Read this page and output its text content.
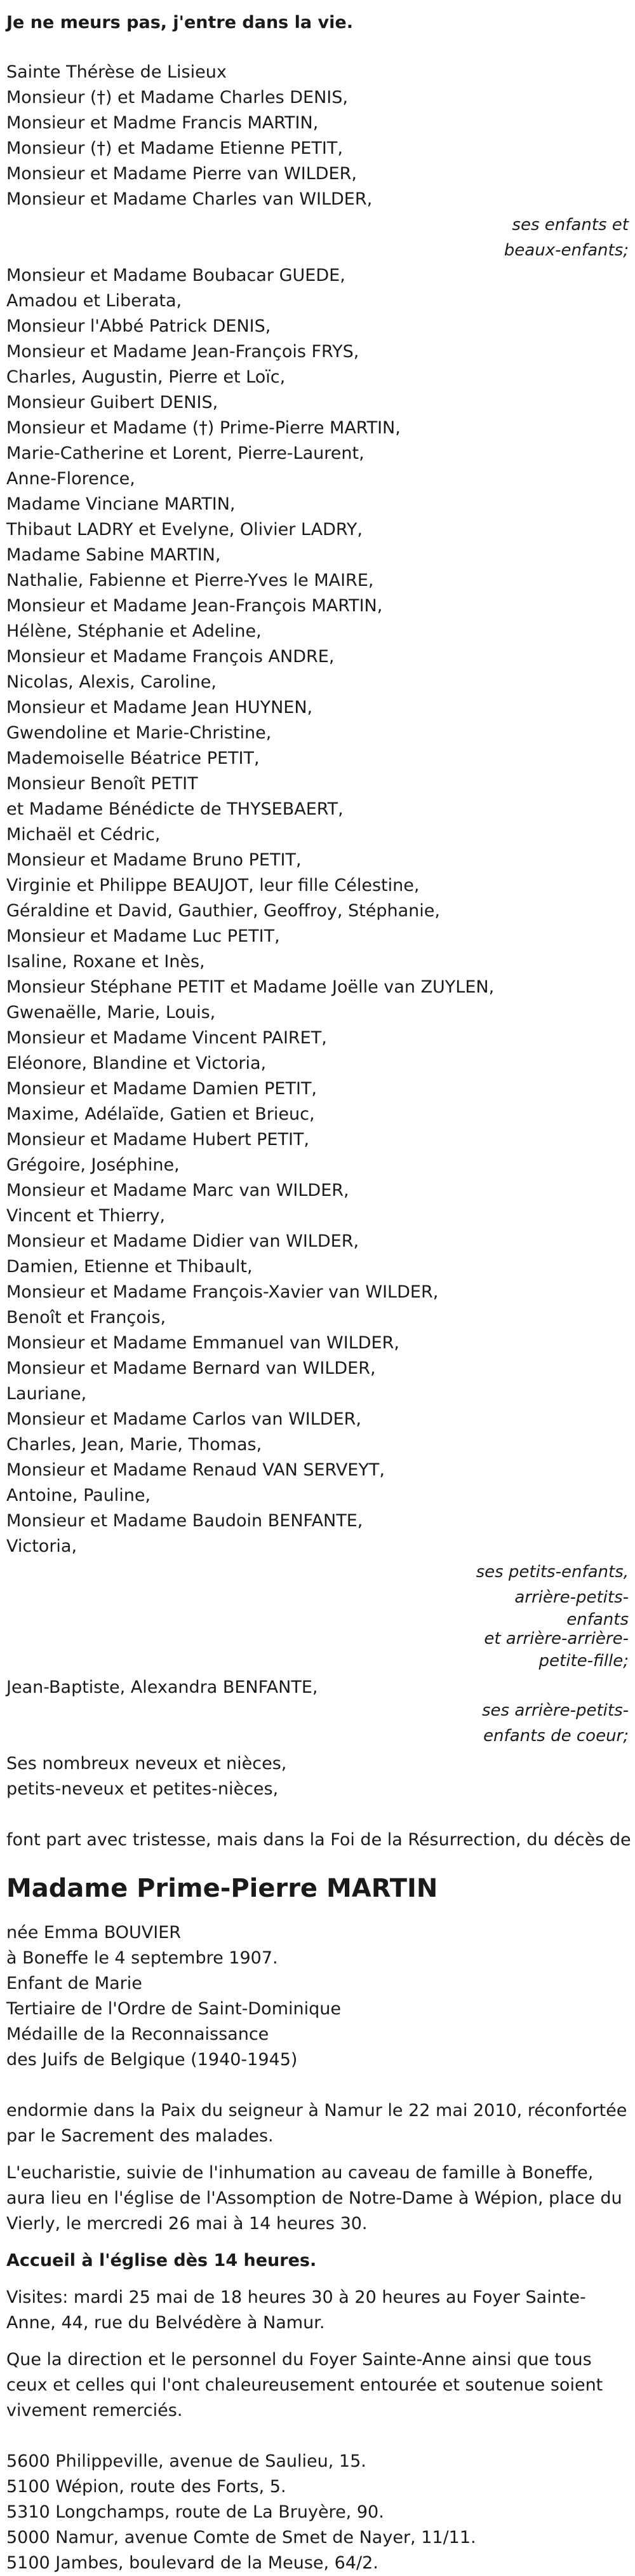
Je ne meurs pas, j'entre dans la vie.

Sainte Thérèse de Lisieux

Monsieur (†) et Madame Charles DENIS,

Monsieur et Madme Francis MARTIN,

Monsieur (†) et Madame Etienne PETIT,

Monsieur et Madame Pierre van WILDER,

Monsieur et Madame Charles van WILDER,

ses enfants et

beaux-enfants;

Monsieur et Madame Boubacar GUEDE,

Amadou et Liberata,

Monsieur l'Abbé Patrick DENIS,

Monsieur et Madame Jean-François FRYS,

Charles, Augustin, Pierre et Loïc,

Monsieur Guibert DENIS,

Monsieur et Madame (†) Prime-Pierre MARTIN,

Marie-Catherine et Lorent, Pierre-Laurent,

Anne-Florence,

Madame Vinciane MARTIN,

Thibaut LADRY et Evelyne, Olivier LADRY,

Madame Sabine MARTIN,

Nathalie, Fabienne et Pierre-Yves le MAIRE,

Monsieur et Madame Jean-François MARTIN,

Hélène, Stéphanie et Adeline,

Monsieur et Madame François ANDRE,

Nicolas, Alexis, Caroline,

Monsieur et Madame Jean HUYNEN,

Gwendoline et Marie-Christine,

Mademoiselle Béatrice PETIT,

Monsieur Benoît PETIT

et Madame Bénédicte de THYSEBAERT,

Michaël et Cédric,

Monsieur et Madame Bruno PETIT,

Virginie et Philippe BEAUJOT, leur fille Célestine,

Géraldine et David, Gauthier, Geoffroy, Stéphanie,

Monsieur et Madame Luc PETIT,

Isaline, Roxane et Inès,

Monsieur Stéphane PETIT et Madame Joëlle van ZUYLEN,

Gwenaëlle, Marie, Louis,

Monsieur et Madame Vincent PAIRET,

Eléonore, Blandine et Victoria,

Monsieur et Madame Damien PETIT,

Maxime, Adélaïde, Gatien et Brieuc,

Monsieur et Madame Hubert PETIT,

Grégoire, Joséphine,

Monsieur et Madame Marc van WILDER,

Vincent et Thierry,

Monsieur et Madame Didier van WILDER,

Damien, Etienne et Thibault,

Monsieur et Madame François-Xavier van WILDER,

Benoît et François,

Monsieur et Madame Emmanuel van WILDER,

Monsieur et Madame Bernard van WILDER,

Lauriane,

Monsieur et Madame Carlos van WILDER,

Charles, Jean, Marie, Thomas,

Monsieur et Madame Renaud VAN SERVEYT,

Antoine, Pauline,

Monsieur et Madame Baudoin BENFANTE,

Victoria,

ses petits-enfants,

arrière-petits-

enfants

et arrière-arrière-

petite-fille;

Jean-Baptiste, Alexandra BENFANTE,

ses arrière-petits-

enfants de coeur;

Ses nombreux neveux et nièces,

petits-neveux et petites-nièces,

font part avec tristesse, mais dans la Foi de la Résurrection, du décès de

Madame Prime-Pierre MARTIN

née Emma BOUVIER

à Boneffe le 4 septembre 1907.

Enfant de Marie

Tertiaire de l'Ordre de Saint-Dominique

Médaille de la Reconnaissance

des Juifs de Belgique (1940-1945)

endormie dans la Paix du seigneur à Namur le 22 mai 2010, réconfortée par le Sacrement des malades.

L'eucharistie, suivie de l'inhumation au caveau de famille à Boneffe, aura lieu en l'église de l'Assomption de Notre-Dame à Wépion, place du Vierly, le mercredi 26 mai à 14 heures 30.

Accueil à l'église dès 14 heures.

Visites: mardi 25 mai de 18 heures 30 à 20 heures au Foyer Sainte-Anne, 44, rue du Belvédère à Namur.

Que la direction et le personnel du Foyer Sainte-Anne ainsi que tous ceux et celles qui l'ont chaleureusement entourée et soutenue soient vivement remerciés.

5600 Philippeville, avenue de Saulieu, 15.

5100 Wépion, route des Forts, 5.

5310 Longchamps, route de La Bruyère, 90.

5000 Namur, avenue Comte de Smet de Nayer, 11/11.

5100 Jambes, boulevard de la Meuse, 64/2.
